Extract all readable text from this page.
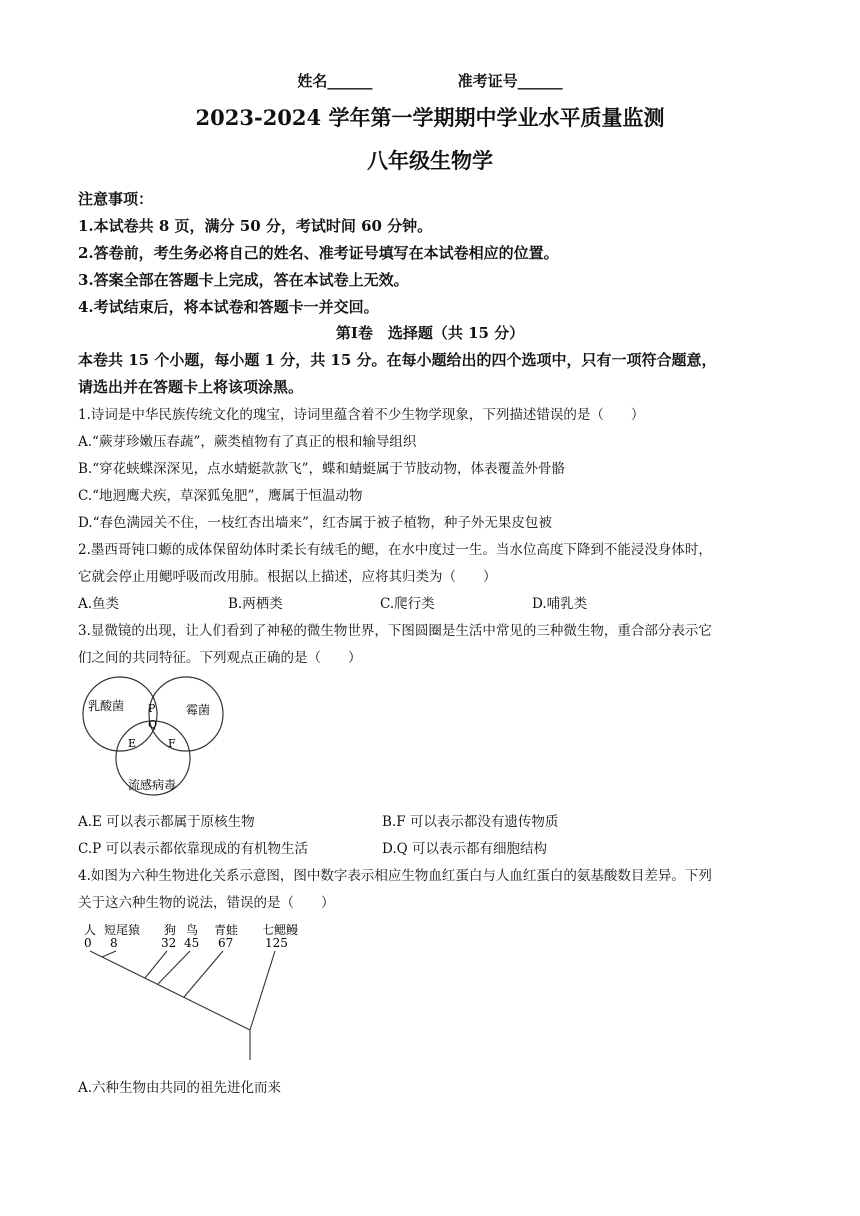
姓名______	准考证号______
2023-2024 学年第一学期期中学业水平质量监测
八年级生物学
注意事项：
1.本试卷共 8 页，满分 50 分，考试时间 60 分钟。
2.答卷前，考生务必将自己的姓名、准考证号填写在本试卷相应的位置。
3.答案全部在答题卡上完成，答在本试卷上无效。
4.考试结束后，将本试卷和答题卡一并交回。
第Ⅰ卷　选择题（共 15 分）
本卷共 15 个小题，每小题 1 分，共 15 分。在每小题给出的四个选项中，只有一项符合题意，
请选出并在答题卡上将该项涂黑。
1.诗词是中华民族传统文化的瑰宝，诗词里蕴含着不少生物学现象，下列描述错误的是（　　）
A.“蕨芽珍嫩压春蔬”，蕨类植物有了真正的根和输导组织
B.“穿花蛱蝶深深见，点水蜻蜓款款飞”，蝶和蜻蜓属于节肢动物，体表覆盖外骨骼
C.“地迥鹰犬疾，草深狐兔肥”，鹰属于恒温动物
D.“春色满园关不住，一枝红杏出墙来”，红杏属于被子植物，种子外无果皮包被
2.墨西哥钝口螈的成体保留幼体时柔长有绒毛的鳃，在水中度过一生。当水位高度下降到不能浸没身体时，
它就会停止用鳃呼吸而改用肺。根据以上描述，应将其归类为（　　）
A.鱼类	B.两栖类	C.爬行类	D.哺乳类
3.显微镜的出现，让人们看到了神秘的微生物世界，下图圆圈是生活中常见的三种微生物，重合部分表示它
们之间的共同特征。下列观点正确的是（　　）
乳酸菌	霉菌
流感病毒
P
Q
E	F
A.E 可以表示都属于原核生物	B.F 可以表示都没有遗传物质
C.P 可以表示都依靠现成的有机物生活	D.Q 可以表示都有细胞结构
4.如图为六种生物进化关系示意图，图中数字表示相应生物血红蛋白与人血红蛋白的氨基酸数目差异。下列
关于这六种生物的说法，错误的是（　　）
人 短尾猿 狗 鸟 青蛙 七鳃鳗
0 8	32 45 67	125
A.六种生物由共同的祖先进化而来
